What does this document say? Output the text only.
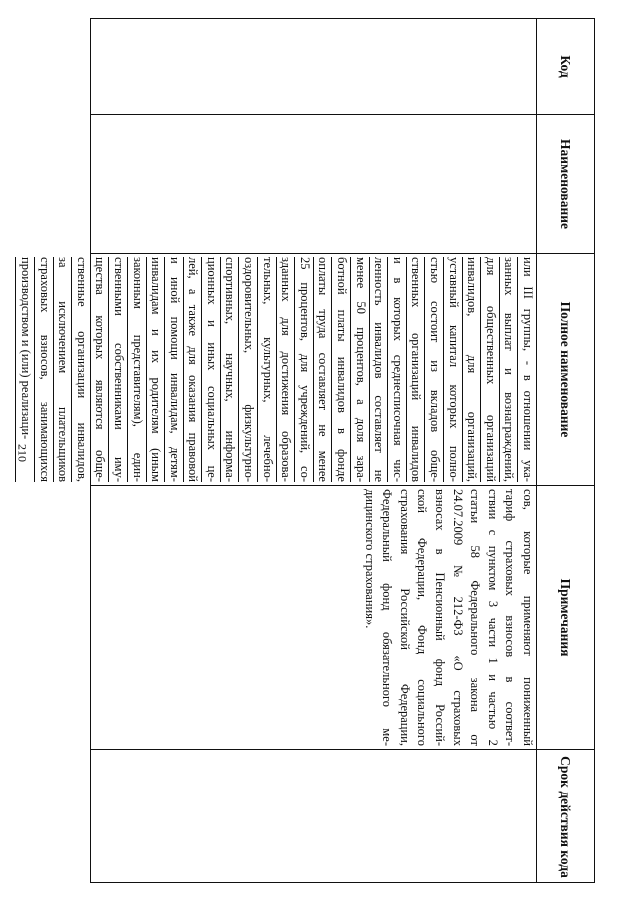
210
Код
Наименование
Полное наименование
Примечания
Срок действия кода
или
III
группы,
-
в
отношении
ука-
занных
выплат
и
вознаграждений,
для
общественных
организаций
инвалидов,
для
организаций,
уставный
капитал
которых
полно-
стью
состоит
из
вкладов
обще-
ственных
организаций
инвалидов
и
в
которых
среднесписочная
чис-
ленность
инвалидов
составляет
не
менее
50
процентов,
а
доля
зара-
ботной
платы
инвалидов
в
фонде
оплаты
труда
составляет
не
менее
25
процентов,
для
учреждений,
со-
зданных
для
достижения
образова-
тельных,
культурных,
лечебно-
оздоровительных,
физкультурно-
спортивных,
научных,
информа-
ционных
и
иных
социальных
це-
лей,
а
также
для
оказания
правовой
и
иной
помощи
инвалидам,
детям-
инвалидам
и
их
родителям
(иным
законным
представителям),
един-
ственными
собственниками
иму-
щества
которых
являются
обще-
ственные
организации
инвалидов,
за
исключением
плательщиков
страховых
взносов,
занимающихся
производством и (или) реализаци-
сов,
которые
применяют
пониженный
тариф
страховых
взносов
в
соответ-
ствии
с
пунктом
3
части
1
и
частью
2
статьи
58
Федерального
закона
от
24.07.2009
№
212-ФЗ
«О
страховых
взносах
в
Пенсионный
фонд
Россий-
ской
Федерации,
Фонд
социального
страхования
Российской
Федерации,
Федеральный
фонд
обязательного
ме-
дицинского страхования».
